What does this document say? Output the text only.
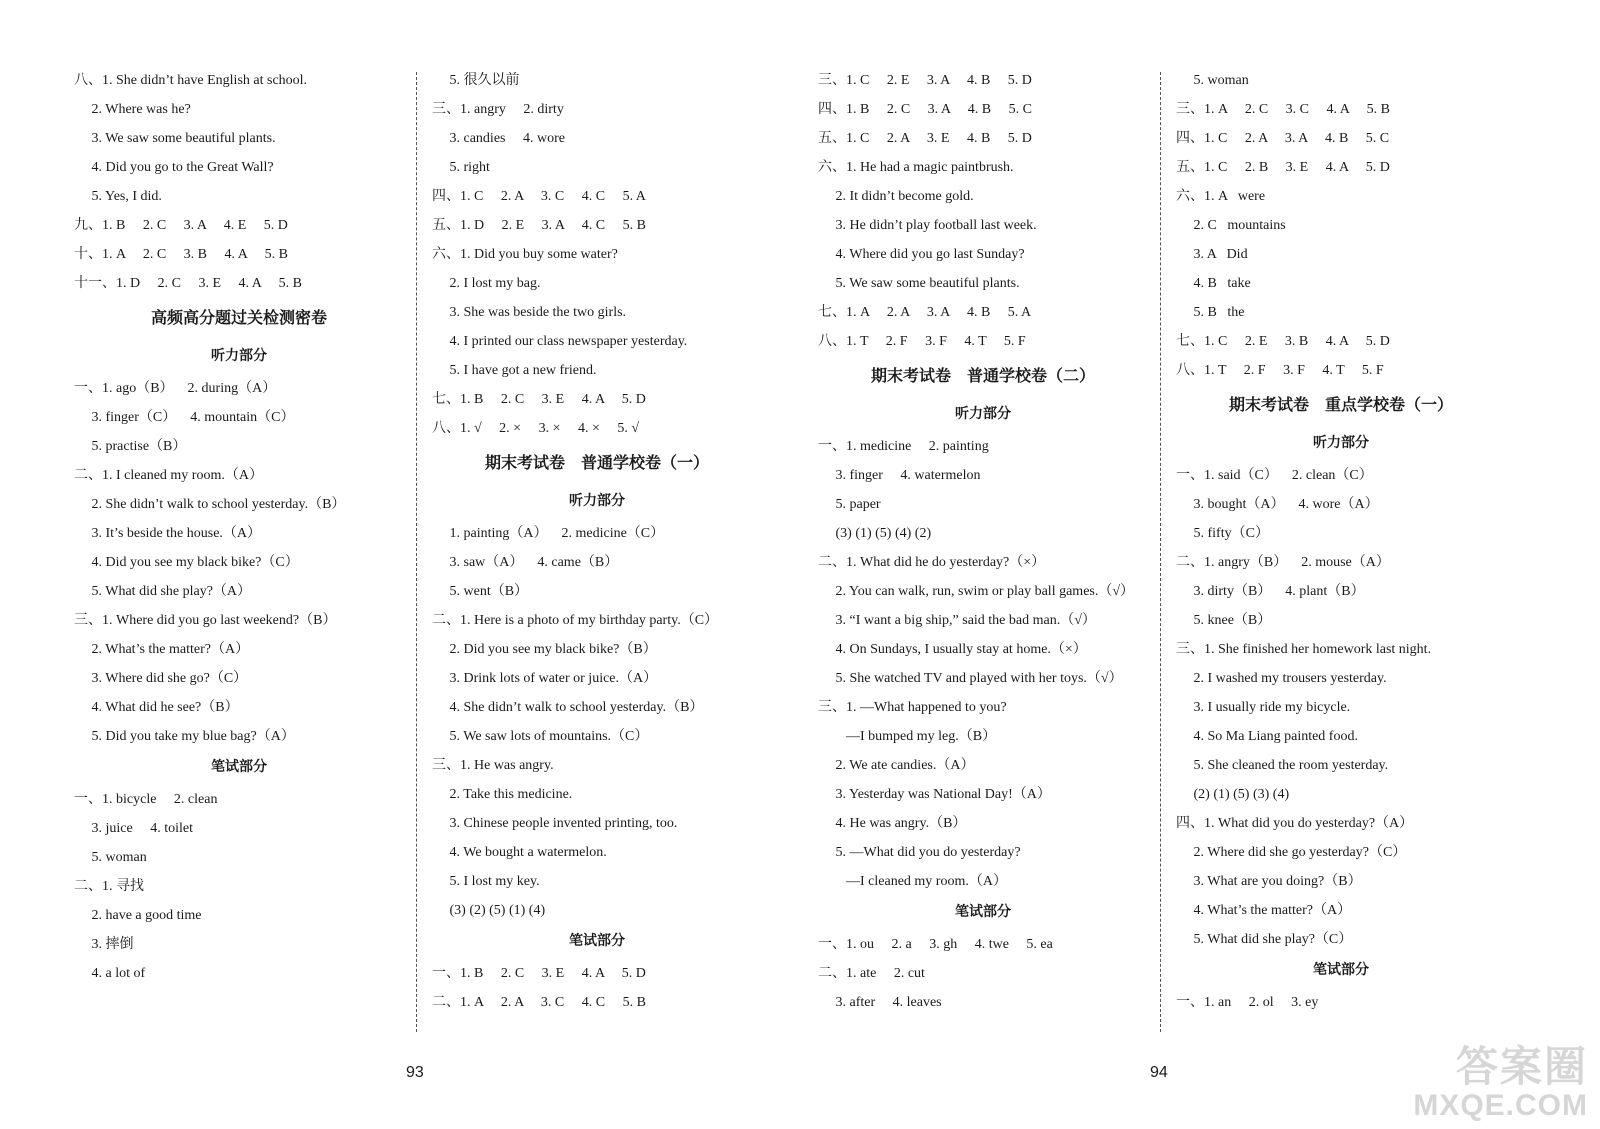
八、1. She didn’t have English at school.
2. Where was he?
3. We saw some beautiful plants.
4. Did you go to the Great Wall?
5. Yes, I did.
九、1. B     2. C     3. A     4. E     5. D
十、1. A     2. C     3. B     4. A     5. B
十一、1. D     2. C     3. E     4. A     5. B
高频高分题过关检测密卷
听力部分
一、1. ago（B）    2. during（A）
3. finger（C）    4. mountain（C）
5. practise（B）
二、1. I cleaned my room.（A）
2. She didn’t walk to school yesterday.（B）
3. It’s beside the house.（A）
4. Did you see my black bike?（C）
5. What did she play?（A）
三、1. Where did you go last weekend?（B）
2. What’s the matter?（A）
3. Where did she go?（C）
4. What did he see?（B）
5. Did you take my blue bag?（A）
笔试部分
一、1. bicycle     2. clean
3. juice     4. toilet
5. woman
二、1. 寻找
2. have a good time
3. 摔倒
4. a lot of
5. 很久以前
三、1. angry     2. dirty
3. candies     4. wore
5. right
四、1. C     2. A     3. C     4. C     5. A
五、1. D     2. E     3. A     4. C     5. B
六、1. Did you buy some water?
2. I lost my bag.
3. She was beside the two girls.
4. I printed our class newspaper yesterday.
5. I have got a new friend.
七、1. B     2. C     3. E     4. A     5. D
八、1. √     2. ×     3. ×     4. ×     5. √
期末考试卷　普通学校卷（一）
听力部分
1. painting（A）    2. medicine（C）
3. saw（A）    4. came（B）
5. went（B）
二、1. Here is a photo of my birthday party.（C）
2. Did you see my black bike?（B）
3. Drink lots of water or juice.（A）
4. She didn’t walk to school yesterday.（B）
5. We saw lots of mountains.（C）
三、1. He was angry.
2. Take this medicine.
3. Chinese people invented printing, too.
4. We bought a watermelon.
5. I lost my key.
(3) (2) (5) (1) (4)
笔试部分
一、1. B     2. C     3. E     4. A     5. D
二、1. A     2. A     3. C     4. C     5. B
三、1. C     2. E     3. A     4. B     5. D
四、1. B     2. C     3. A     4. B     5. C
五、1. C     2. A     3. E     4. B     5. D
六、1. He had a magic paintbrush.
2. It didn’t become gold.
3. He didn’t play football last week.
4. Where did you go last Sunday?
5. We saw some beautiful plants.
七、1. A     2. A     3. A     4. B     5. A
八、1. T     2. F     3. F     4. T     5. F
期末考试卷　普通学校卷（二）
听力部分
一、1. medicine     2. painting
3. finger     4. watermelon
5. paper
(3) (1) (5) (4) (2)
二、1. What did he do yesterday?（×）
2. You can walk, run, swim or play ball games.（√）
3. “I want a big ship,” said the bad man.（√）
4. On Sundays, I usually stay at home.（×）
5. She watched TV and played with her toys.（√）
三、1. —What happened to you?
—I bumped my leg.（B）
2. We ate candies.（A）
3. Yesterday was National Day!（A）
4. He was angry.（B）
5. —What did you do yesterday?
—I cleaned my room.（A）
笔试部分
一、1. ou     2. a     3. gh     4. twe     5. ea
二、1. ate     2. cut
3. after     4. leaves
5. woman
三、1. A     2. C     3. C     4. A     5. B
四、1. C     2. A     3. A     4. B     5. C
五、1. C     2. B     3. E     4. A     5. D
六、1. A   were
2. C   mountains
3. A   Did
4. B   take
5. B   the
七、1. C     2. E     3. B     4. A     5. D
八、1. T     2. F     3. F     4. T     5. F
期末考试卷　重点学校卷（一）
听力部分
一、1. said（C）    2. clean（C）
3. bought（A）    4. wore（A）
5. fifty（C）
二、1. angry（B）    2. mouse（A）
3. dirty（B）    4. plant（B）
5. knee（B）
三、1. She finished her homework last night.
2. I washed my trousers yesterday.
3. I usually ride my bicycle.
4. So Ma Liang painted food.
5. She cleaned the room yesterday.
(2) (1) (5) (3) (4)
四、1. What did you do yesterday?（A）
2. Where did she go yesterday?（C）
3. What are you doing?（B）
4. What’s the matter?（A）
5. What did she play?（C）
笔试部分
一、1. an     2. ol     3. ey
93	94	答案圈
MXQE.COM
